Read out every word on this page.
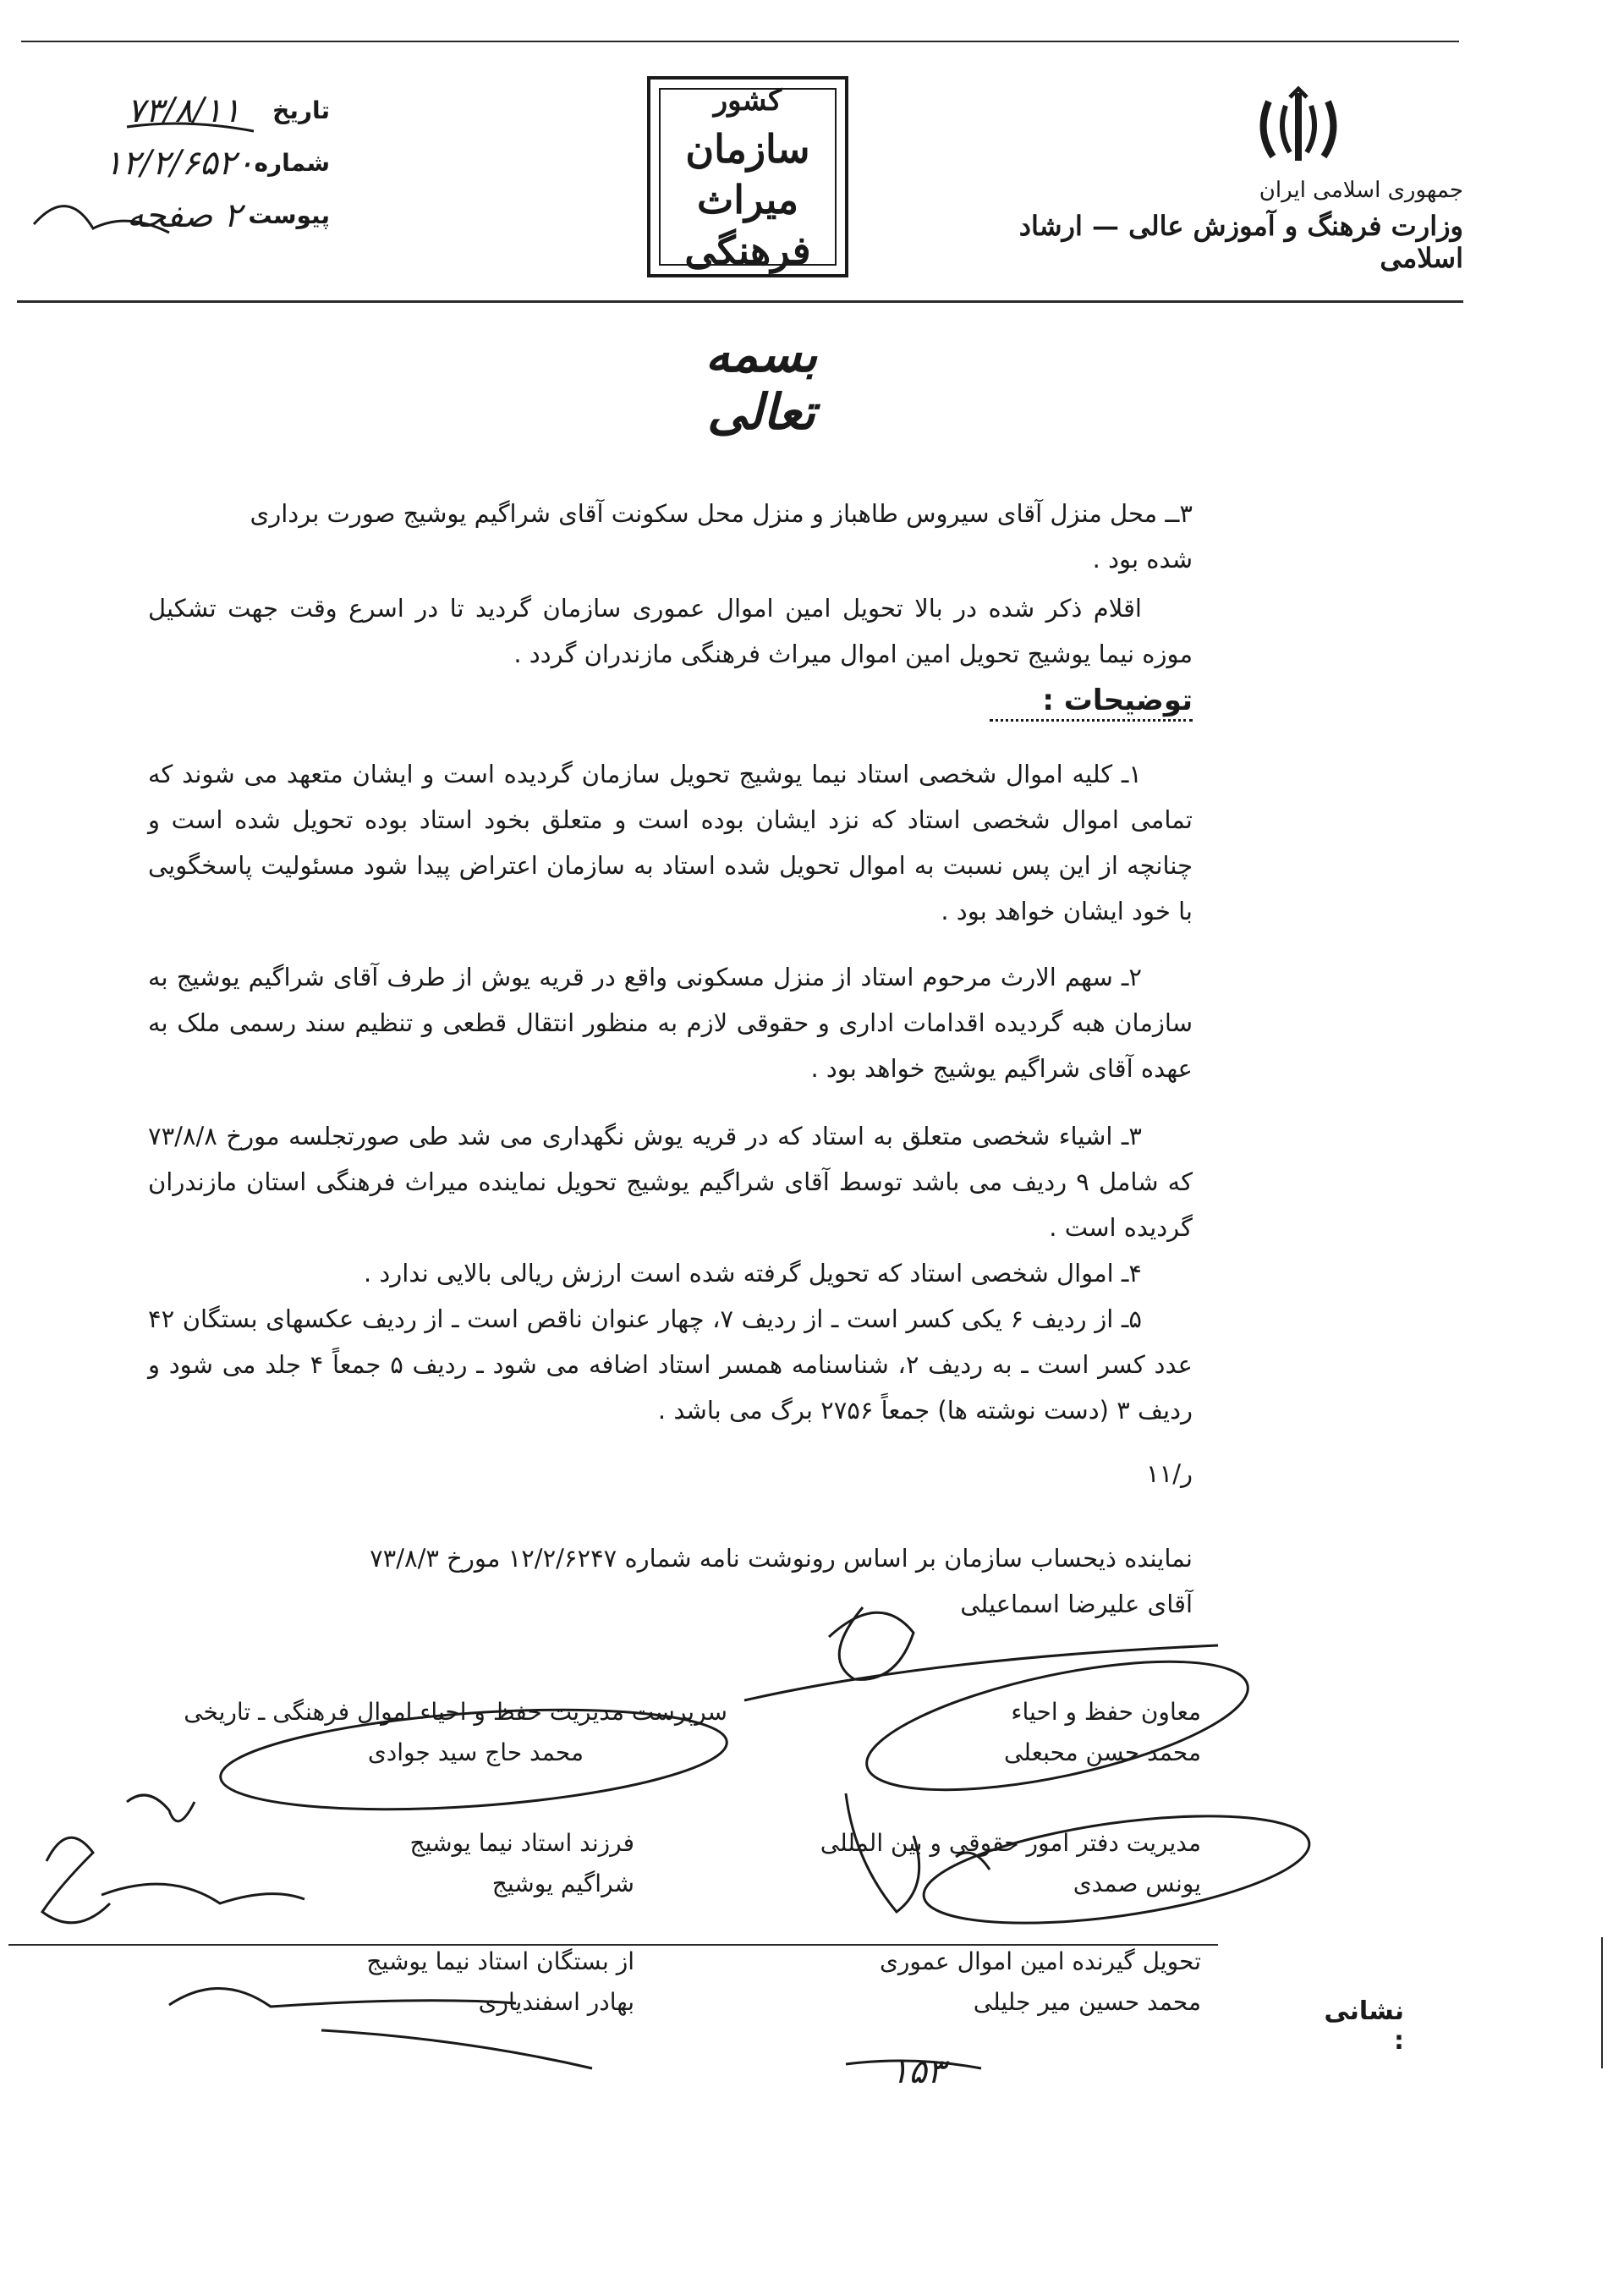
تاریخ
۷۳/۸/۱۱
شماره
۱۲/۲/۶۵۲۰
پیوست
۲ صفحه
کشور
سازمان میراث فرهنگی
جمهوری اسلامی ایران
وزارت فرهنگ و آموزش عالی — ارشاد اسلامی
بسمه تعالی
۳ــ محل منزل آقای سیروس طاهباز و منزل محل سکونت آقای شراگیم یوشیج صورت برداری
شده بود .
اقلام ذکر شده در بالا تحویل امین اموال عموری سازمان گردید تا در اسرع وقت جهت تشکیل موزه نیما یوشیج تحویل امین اموال میراث فرهنگی مازندران گردد .
توضیحات :
۱ـ کلیه اموال شخصی استاد نیما یوشیج تحویل سازمان گردیده است و ایشان متعهد می شوند که تمامی اموال شخصی استاد که نزد ایشان بوده است و متعلق بخود استاد بوده تحویل شده است و چنانچه از این پس نسبت به اموال تحویل شده استاد به سازمان اعتراض پیدا شود مسئولیت پاسخگویی با خود ایشان خواهد بود .
۲ـ سهم الارث مرحوم استاد از منزل مسکونی واقع در قریه یوش از طرف آقای شراگیم یوشیج به سازمان هبه گردیده اقدامات اداری و حقوقی لازم به منظور انتقال قطعی و تنظیم سند رسمی ملک به عهده آقای شراگیم یوشیج خواهد بود .
۳ـ اشیاء شخصی متعلق به استاد که در قریه یوش نگهداری می شد طی صورتجلسه مورخ ۷۳/۸/۸ که شامل ۹ ردیف می باشد توسط آقای شراگیم یوشیج تحویل نماینده میراث فرهنگی استان مازندران گردیده است .
۴ـ اموال شخصی استاد که تحویل گرفته شده است ارزش ریالی بالایی ندارد .
۵ـ از ردیف ۶ یکی کسر است ـ از ردیف ۷، چهار عنوان ناقص است ـ از ردیف عکسهای بستگان ۴۲ عدد کسر است ـ به ردیف ۲، شناسنامه همسر استاد اضافه می شود ـ ردیف ۵ جمعاً ۴ جلد می شود و ردیف ۳ (دست نوشته ها) جمعاً ۲۷۵۶ برگ می باشد .
۱۱/ر
نماینده ذیحساب سازمان بر اساس رونوشت نامه شماره ۱۲/۲/۶۲۴۷ مورخ ۷۳/۸/۳
آقای علیرضا اسماعیلی
معاون حفظ و احیاء
محمد حسن محبعلی
سرپرست مدیریت حفظ و احیاء اموال فرهنگی ـ تاریخی
محمد حاج سید جوادی
مدیریت دفتر امور حقوقی و بین المللی
یونس صمدی
فرزند استاد نیما یوشیج
شراگیم یوشیج
تحویل گیرنده امین اموال عموری
محمد حسین میر جلیلی
از بستگان استاد نیما یوشیج
بهادر اسفندیاری	نشانی :
۱۵۳
